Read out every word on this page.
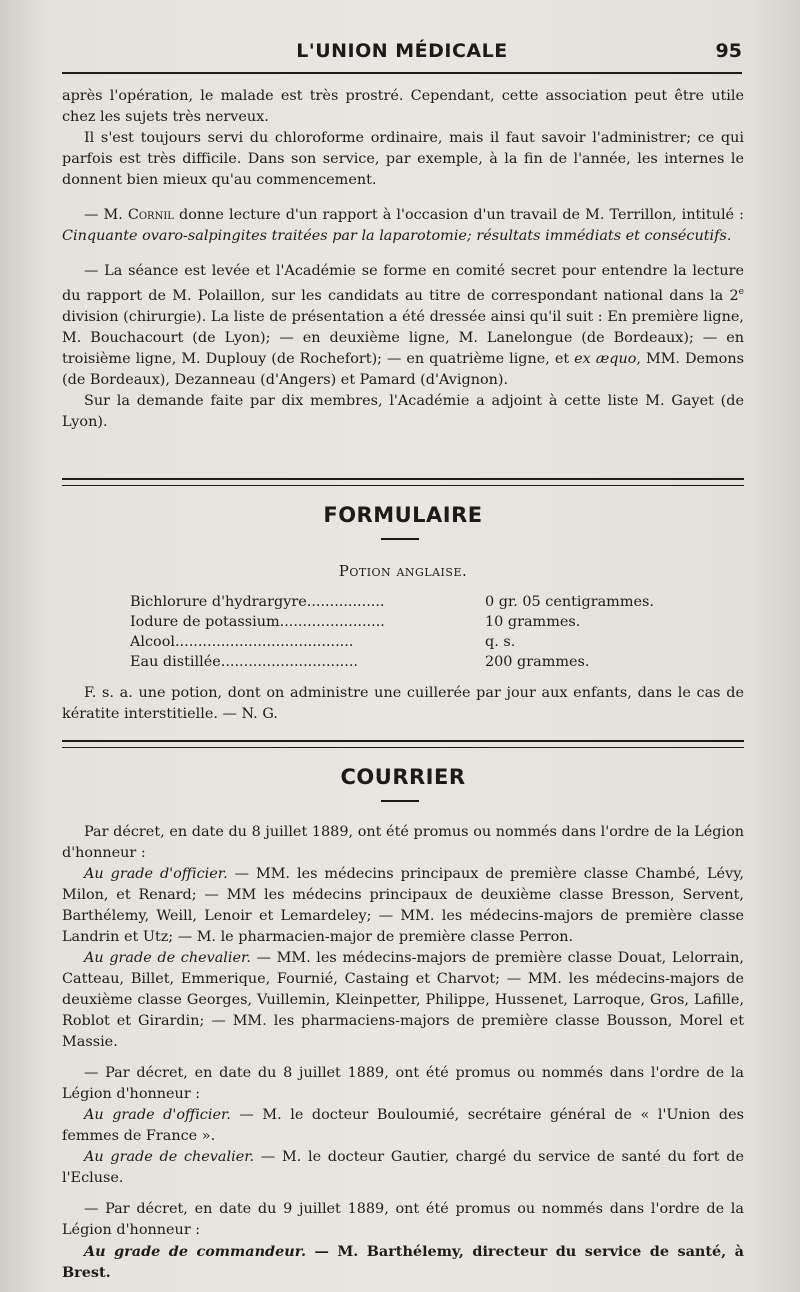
L'UNION MÉDICALE	95

après l'opération, le malade est très prostré. Cependant, cette association peut être utile chez les sujets très nerveux.

Il s'est toujours servi du chloroforme ordinaire, mais il faut savoir l'administrer; ce qui parfois est très difficile. Dans son service, par exemple, à la fin de l'année, les internes le donnent bien mieux qu'au commencement.

— M. Cornil donne lecture d'un rapport à l'occasion d'un travail de M. Terrillon, intitulé : Cinquante ovaro-salpingites traitées par la laparotomie; résultats immédiats et consécutifs.

— La séance est levée et l'Académie se forme en comité secret pour entendre la lecture du rapport de M. Polaillon, sur les candidats au titre de correspondant national dans la 2e division (chirurgie). La liste de présentation a été dressée ainsi qu'il suit : En première ligne, M. Bouchacourt (de Lyon); — en deuxième ligne, M. Lanelongue (de Bordeaux); — en troisième ligne, M. Duplouy (de Rochefort); — en quatrième ligne, et ex æquo, MM. Demons (de Bordeaux), Dezanneau (d'Angers) et Pamard (d'Avignon).

Sur la demande faite par dix membres, l'Académie a adjoint à cette liste M. Gayet (de Lyon).

FORMULAIRE
Potion anglaise.
Bichlorure d'hydrargyre.................	0 gr. 05 centigrammes.
Iodure de potassium.......................	10 grammes.
Alcool.......................................	q. s.
Eau distillée..............................	200 grammes.

F. s. a. une potion, dont on administre une cuillerée par jour aux enfants, dans le cas de kératite interstitielle. — N. G.

COURRIER

Par décret, en date du 8 juillet 1889, ont été promus ou nommés dans l'ordre de la Légion d'honneur :

Au grade d'officier. — MM. les médecins principaux de première classe Chambé, Lévy, Milon, et Renard; — MM les médecins principaux de deuxième classe Bresson, Servent, Barthélemy, Weill, Lenoir et Lemardeley; — MM. les médecins-majors de première classe Landrin et Utz; — M. le pharmacien-major de première classe Perron.

Au grade de chevalier. — MM. les médecins-majors de première classe Douat, Lelorrain, Catteau, Billet, Emmerique, Fournié, Castaing et Charvot; — MM. les médecins-majors de deuxième classe Georges, Vuillemin, Kleinpetter, Philippe, Hussenet, Larroque, Gros, Lafille, Roblot et Girardin; — MM. les pharmaciens-majors de première classe Bousson, Morel et Massie.

— Par décret, en date du 8 juillet 1889, ont été promus ou nommés dans l'ordre de la Légion d'honneur :

Au grade d'officier. — M. le docteur Bouloumié, secrétaire général de « l'Union des femmes de France ».

Au grade de chevalier. — M. le docteur Gautier, chargé du service de santé du fort de l'Ecluse.

— Par décret, en date du 9 juillet 1889, ont été promus ou nommés dans l'ordre de la Légion d'honneur :

Au grade de commandeur. — M. Barthélemy, directeur du service de santé, à Brest.
